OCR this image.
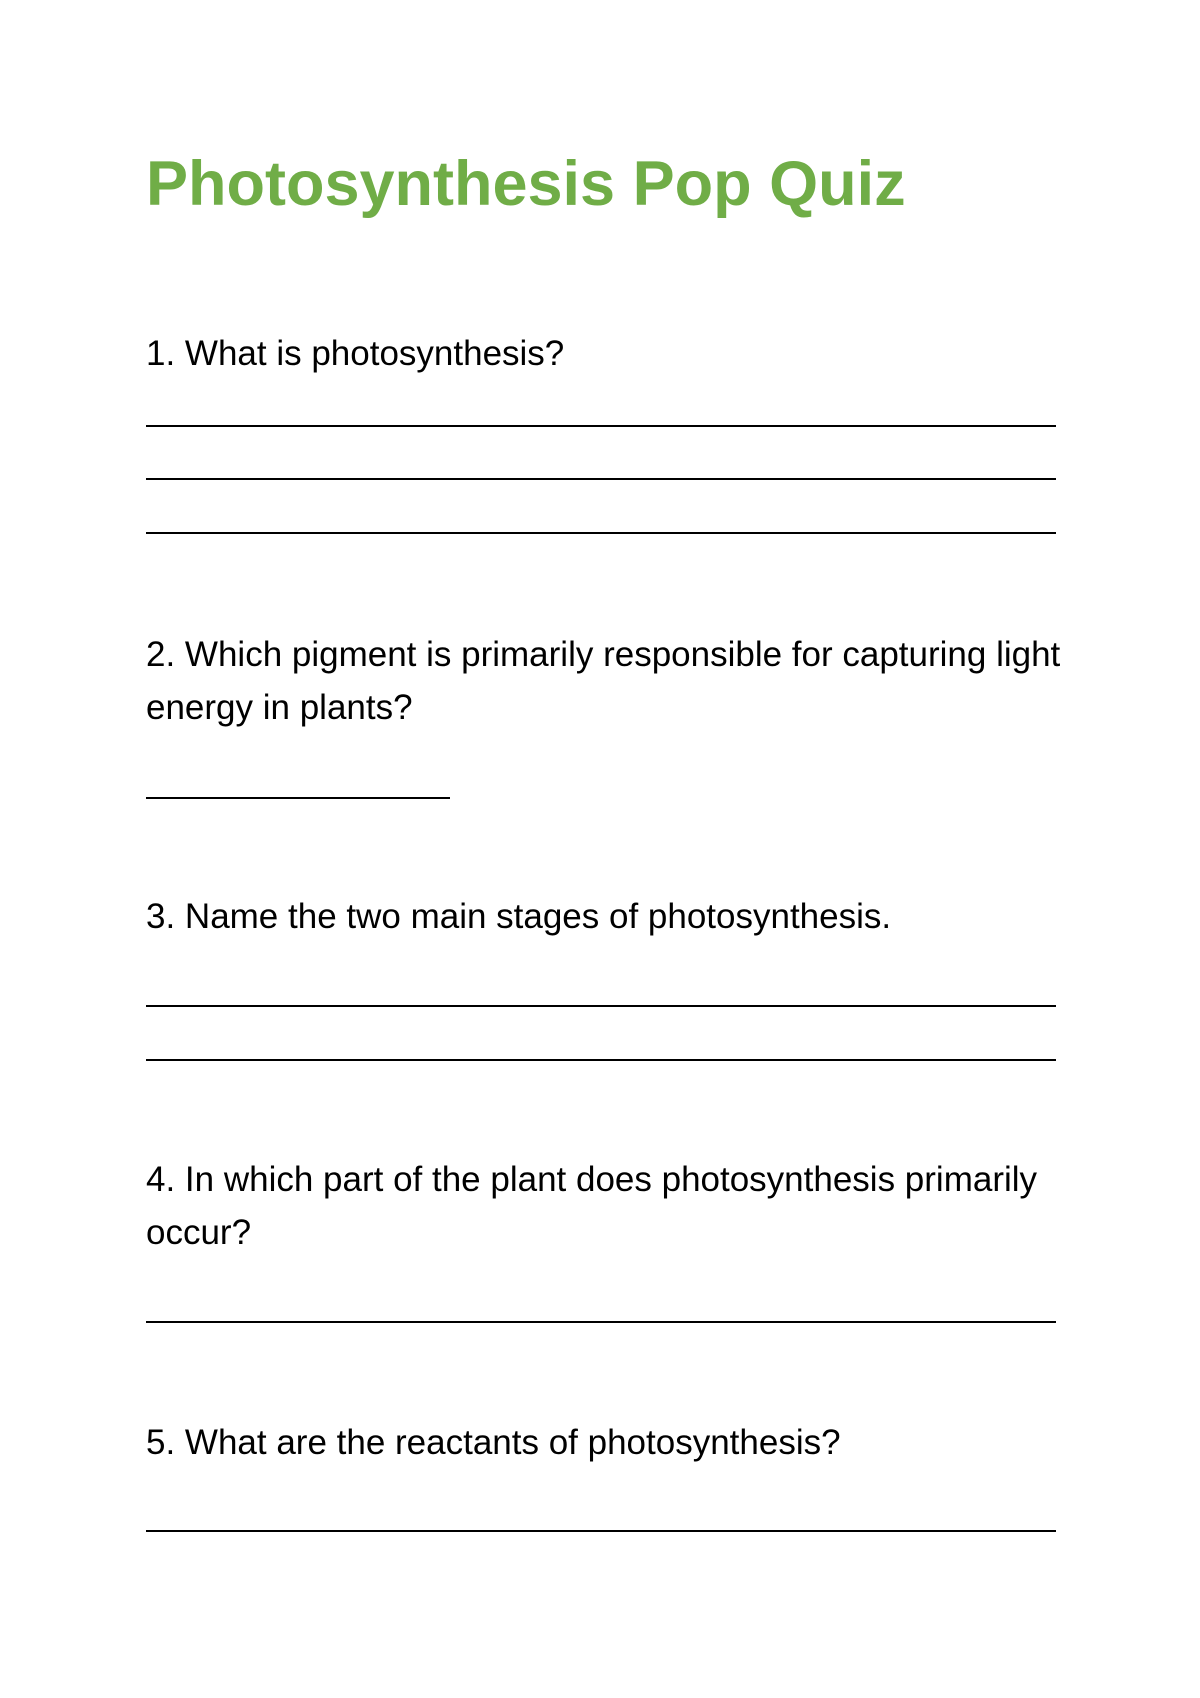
Photosynthesis Pop Quiz

1. What is photosynthesis?

2. Which pigment is primarily responsible for capturing light energy in plants?

3. Name the two main stages of photosynthesis.

4. In which part of the plant does photosynthesis primarily occur?

5. What are the reactants of photosynthesis?
